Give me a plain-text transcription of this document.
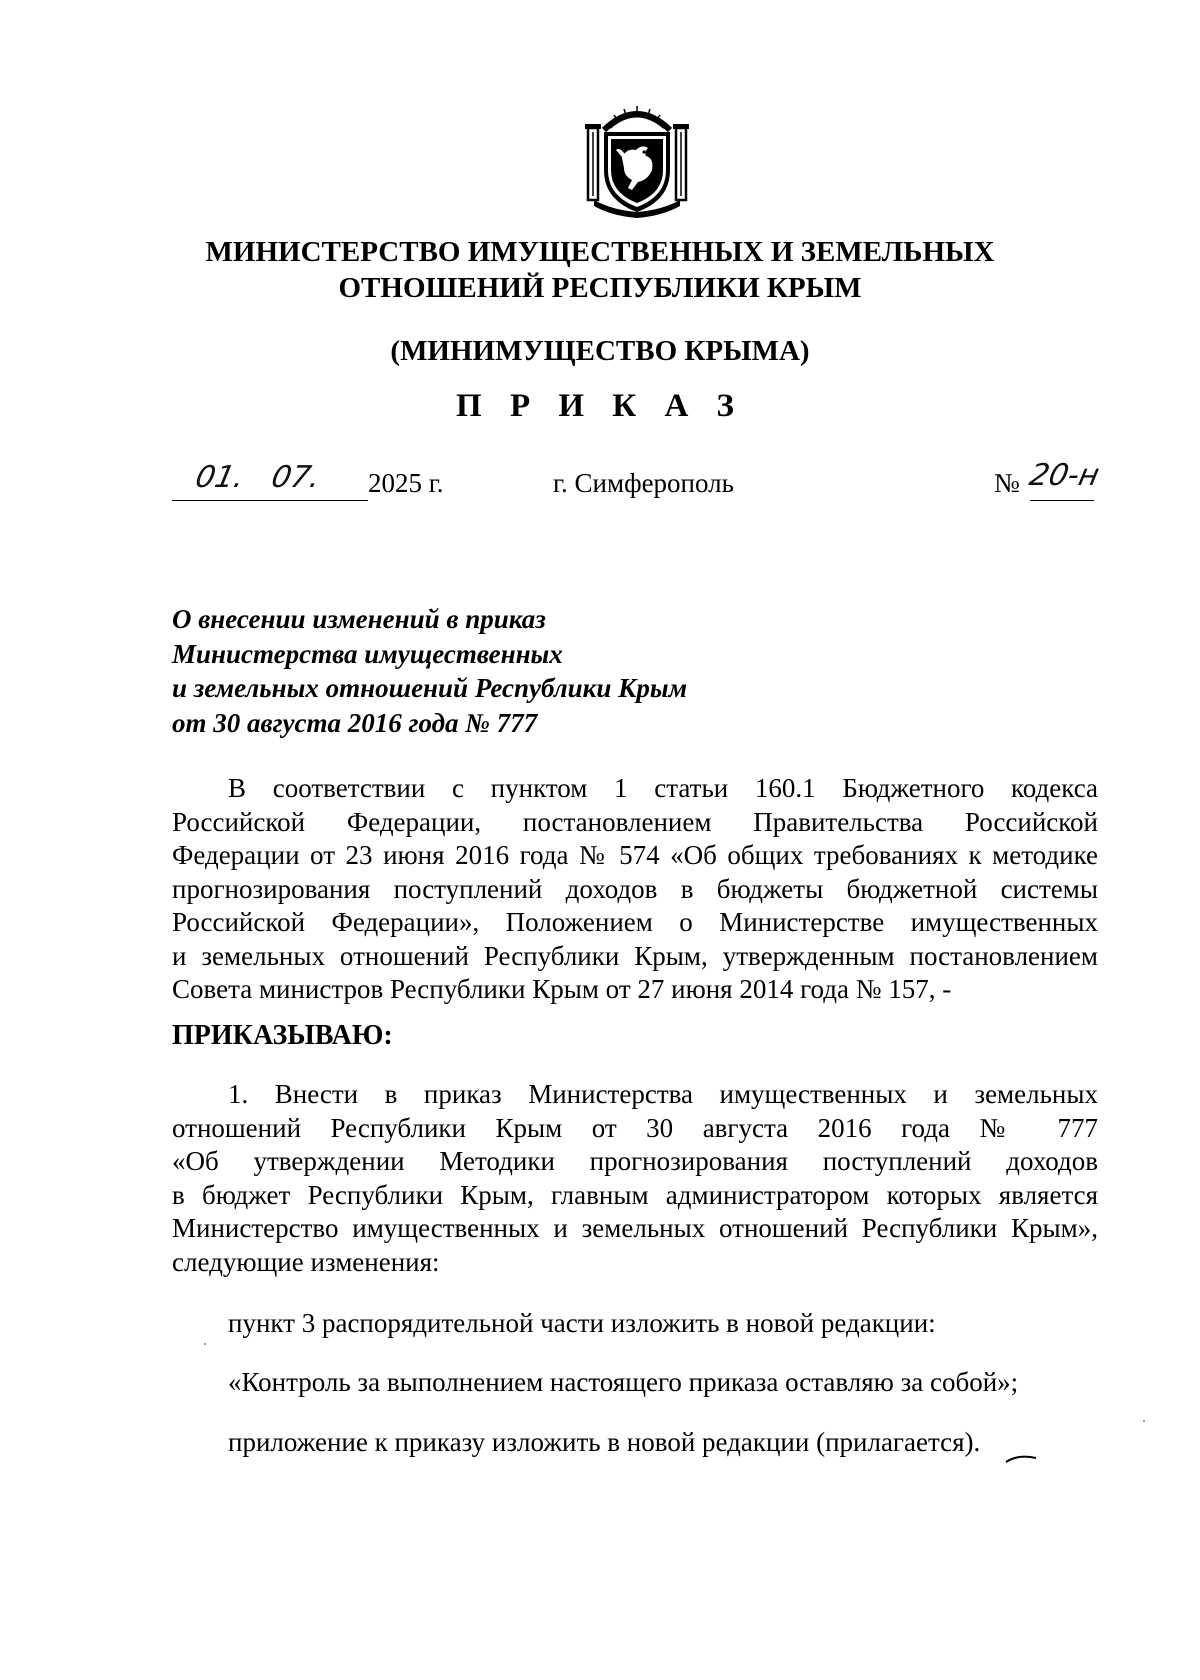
МИНИСТЕРСТВО ИМУЩЕСТВЕННЫХ И ЗЕМЕЛЬНЫХ
ОТНОШЕНИЙ РЕСПУБЛИКИ КРЫМ
(МИНИМУЩЕСТВО КРЫМА)
П Р И К А З
01. 07. 2025 г.	г. Симферополь	№ 20-н
О внесении изменений в приказ
Министерства имущественных
и земельных отношений Республики Крым
от 30 августа 2016 года № 777
В соответствии с пунктом 1 статьи 160.1 Бюджетного кодекса
Российской Федерации, постановлением Правительства Российской
Федерации от 23 июня 2016 года № 574 «Об общих требованиях к методике
прогнозирования поступлений доходов в бюджеты бюджетной системы
Российской Федерации», Положением о Министерстве имущественных
и земельных отношений Республики Крым, утвержденным постановлением
Совета министров Республики Крым от 27 июня 2014 года № 157, -
ПРИКАЗЫВАЮ:
1. Внести в приказ Министерства имущественных и земельных
отношений Республики Крым от 30 августа 2016 года № 777
«Об утверждении Методики прогнозирования поступлений доходов
в бюджет Республики Крым, главным администратором которых является
Министерство имущественных и земельных отношений Республики Крым»,
следующие изменения:
пункт 3 распорядительной части изложить в новой редакции:
«Контроль за выполнением настоящего приказа оставляю за собой»;
приложение к приказу изложить в новой редакции (прилагается).
